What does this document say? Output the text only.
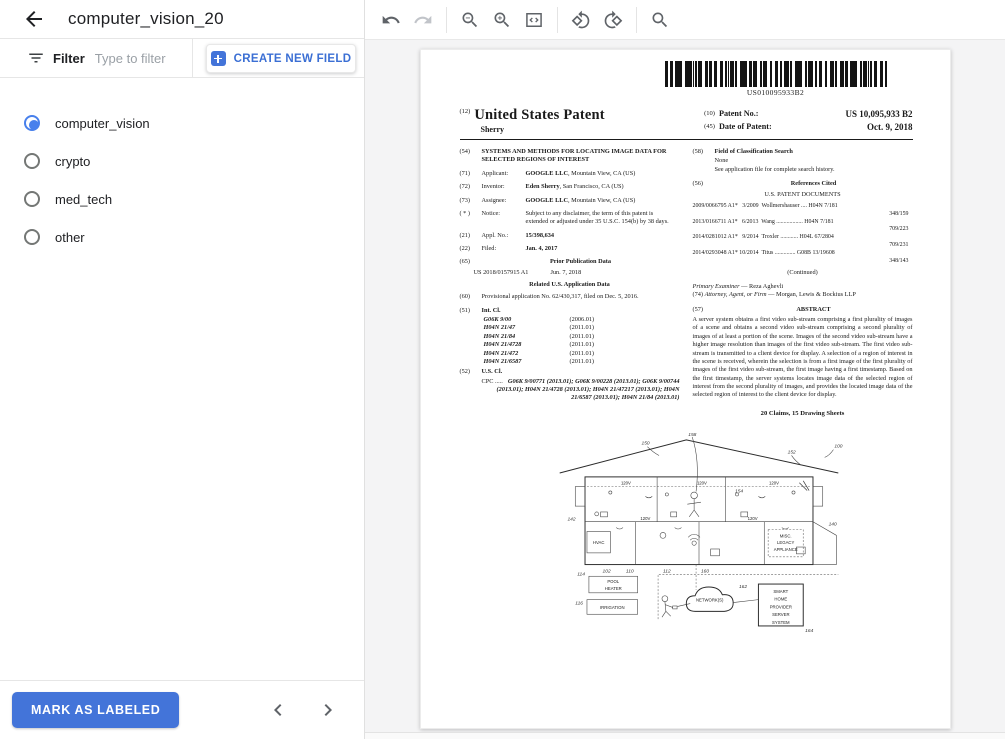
computer_vision_20
Filter
Type to filter	CREATE NEW FIELD
computer_vision
crypto
med_tech
other
MARK AS LABELED
US010095933B2
$^{(12)}$ United States Patent
Sherry
(10) Patent No.:	US 10,095,933 B2
(45) Date of Patent:	Oct. 9, 2018
(54)	SYSTEMS AND METHODS FOR LOCATING IMAGE DATA FOR SELECTED REGIONS OF INTEREST
(71)	Applicant:	GOOGLE LLC, Mountain View, CA (US)
(72)	Inventor:	Eden Sherry, San Francisco, CA (US)
(73)	Assignee:	GOOGLE LLC, Mountain View, CA (US)
( * )	Notice:	Subject to any disclaimer, the term of this patent is extended or adjusted under 35 U.S.C. 154(b) by 38 days.
(21)	Appl. No.:	15/398,634
(22)	Filed:	Jan. 4, 2017
(65)	Prior Publication Data
US 2018/0157915 A1	Jun. 7, 2018
Related U.S. Application Data
(60)	Provisional application No. 62/430,317, filed on Dec. 5, 2016.
(51)	Int. Cl.
G06K 9/00	(2006.01)
H04N 21/47	(2011.01)
H04N 21/84	(2011.01)
H04N 21/4728	(2011.01)
H04N 21/472	(2011.01)
H04N 21/6587	(2011.01)
(52)	U.S. Cl.
CPC ..... G06K 9/00771 (2013.01); G06K 9/00228 (2013.01); G06K 9/00744 (2013.01); H04N 21/4728 (2013.01); H04N 21/47217 (2013.01); H04N 21/6587 (2013.01); H04N 21/84 (2013.01)
(58)	Field of Classification Search
None
See application file for complete search history.
(56)	References Cited
U.S. PATENT DOCUMENTS
2009/0066795 A1*   3/2009  Wollmershauser .... H04N 7/181
348/159
2013/0166711 A1*   6/2013  Wang .................. H04N 7/181
709/223
2014/0281012 A1*   9/2014  Troxler ............ H04L 67/2804
709/231
2014/0293048 A1* 10/2014  Titus .............. G08B 13/19608
348/143
(Continued)
Primary Examiner — Reza Aghevli
(74) Attorney, Agent, or Firm — Morgan, Lewis & Bockius LLP
(57)	ABSTRACT
A server system obtains a first video sub-stream comprising a first plurality of images of a scene and obtains a second video sub-stream comprising a second plurality of images of at least a portion of the scene. Images of the second video sub-stream have a higher image resolution than images of the first video sub-stream. The first video sub-stream is transmitted to a client device for display. A selection of a region of interest in the scene is received, wherein the selection is from a first image of the first plurality of images of the first video sub-stream, the first image having a first timestamp. Based on the first timestamp, the server systems locates image data of the selected region of interest from the second plurality of images, and provides the located image data of the selected region of interest to the client device for display.
20 Claims, 15 Drawing Sheets
HVAC
MISC.
LEGACY
APPLIANCE
120V	120V	120V
120V	120V
POOL
HEATER
IRRIGATION
NETWORK(S)
SMART
HOME
PROVIDER
SERVER
SYSTEM
100
150
158
152
154
142
140
102	110	112	160
114
116
162
164
